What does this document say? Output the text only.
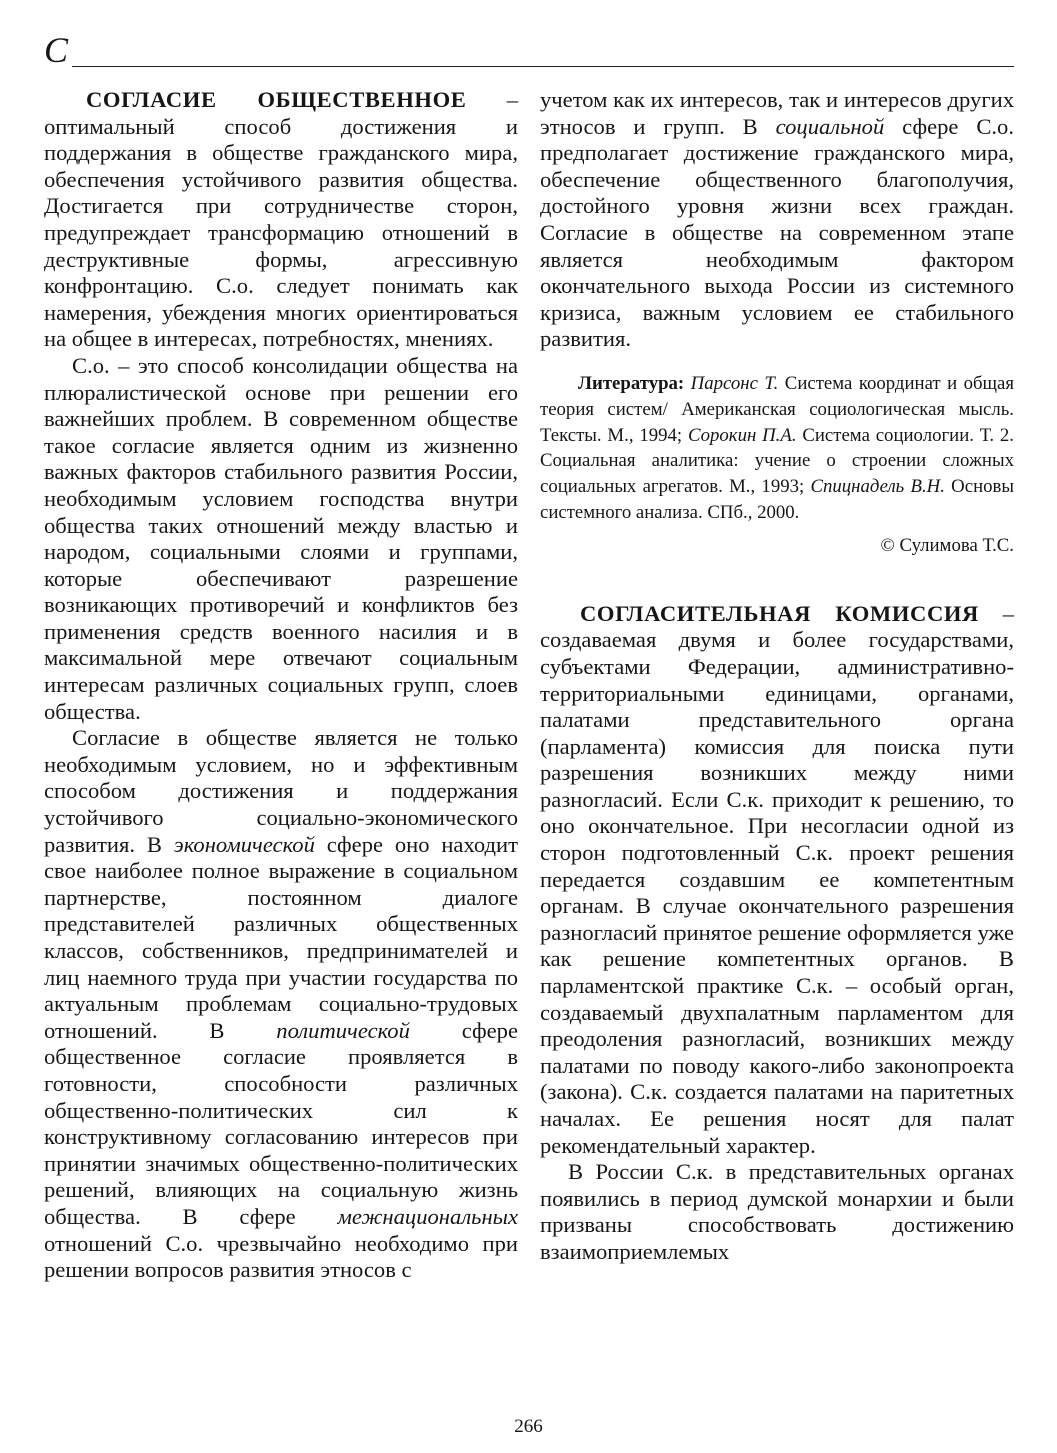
С

СОГЛАСИЕ ОБЩЕСТВЕННОЕ – оптимальный способ достижения и поддержания в обществе гражданского мира, обеспечения устойчивого развития общества. Достигается при сотрудничестве сторон, предупреждает трансформацию отношений в деструктивные формы, агрессивную конфронтацию. С.о. следует понимать как намерения, убеждения многих ориентироваться на общее в интересах, потребностях, мнениях.

С.о. – это способ консолидации общества на плюралистической основе при решении его важнейших проблем. В современном обществе такое согласие является одним из жизненно важных факторов стабильного развития России, необходимым условием господства внутри общества таких отношений между властью и народом, социальными слоями и группами, которые обеспечивают разрешение возникающих противоречий и конфликтов без применения средств военного насилия и в максимальной мере отвечают социальным интересам различных социальных групп, слоев общества.

Согласие в обществе является не только необходимым условием, но и эффективным способом достижения и поддержания устойчивого социально-экономического развития. В экономической сфере оно находит свое наиболее полное выражение в социальном партнерстве, постоянном диалоге представителей различных общественных классов, собственников, предпринимателей и лиц наемного труда при участии государства по актуальным проблемам социально-трудовых отношений. В политической сфере общественное согласие проявляется в готовности, способности различных общественно-политических сил к конструктивному согласованию интересов при принятии значимых общественно-политических решений, влияющих на социальную жизнь общества. В сфере межнациональных отношений С.о. чрезвычайно необходимо при решении вопросов развития этносов с

учетом как их интересов, так и интересов других этносов и групп. В социальной сфере С.о. предполагает достижение гражданского мира, обеспечение общественного благополучия, достойного уровня жизни всех граждан. Согласие в обществе на современном этапе является необходимым фактором окончательного выхода России из системного кризиса, важным условием ее стабильного развития.

Литература: Парсонс Т. Система координат и общая теория систем/ Американская социологическая мысль. Тексты. М., 1994; Сорокин П.А. Система социологии. Т. 2. Социальная аналитика: учение о строении сложных социальных агрегатов. М., 1993; Спицнадель В.Н. Основы системного анализа. СПб., 2000.

© Сулимова Т.С.

СОГЛАСИТЕЛЬНАЯ КОМИССИЯ – создаваемая двумя и более государствами, субъектами Федерации, административно-территориальными единицами, органами, палатами представительного органа (парламента) комиссия для поиска пути разрешения возникших между ними разногласий. Если С.к. приходит к решению, то оно окончательное. При несогласии одной из сторон подготовленный С.к. проект решения передается создавшим ее компетентным органам. В случае окончательного разрешения разногласий принятое решение оформляется уже как решение компетентных органов. В парламентской практике С.к. – особый орган, создаваемый двухпалатным парламентом для преодоления разногласий, возникших между палатами по поводу какого-либо законопроекта (закона). С.к. создается палатами на паритетных началах. Ее решения носят для палат рекомендательный характер.

В России С.к. в представительных органах появились в период думской монархии и были призваны способствовать достижению взаимоприемлемых

266
